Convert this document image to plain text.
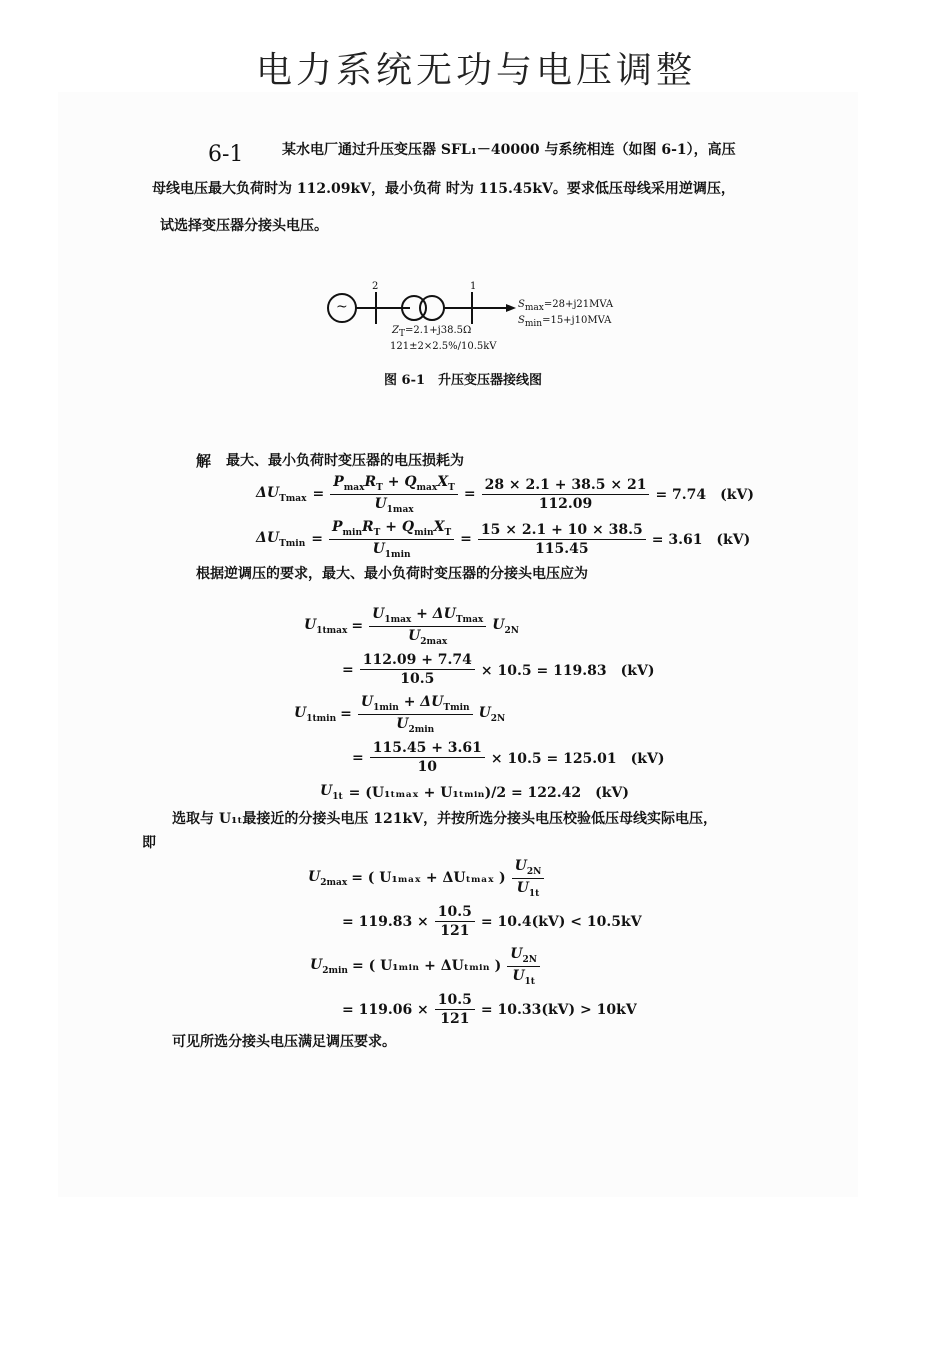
电力系统无功与电压调整
6-1	某水电厂通过升压变压器 SFL₁－40000 与系统相连（如图 6-1），高压
母线电压最大负荷时为 112.09kV，最小负荷 时为 115.45kV。要求低压母线采用逆调压，
试选择变压器分接头电压。
~
2	1
$S_{max}=28+j21MVA$
$S_{min}=15+j10MVA$
$Z_T=2.1+j38.5\Omega$
121±2×2.5%/10.5kV
图 6-1　升压变压器接线图
解 最大、最小负荷时变压器的电压损耗为
$\Delta U_{Tmax} = \frac{P_{max}R_T + Q_{max}X_T}{U_{1max}} = \frac{28 \times 2.1 + 38.5 \times 21}{112.09} = 7.74$　(kV)
$\Delta U_{Tmin} = \frac{P_{min}R_T + Q_{min}X_T}{U_{1min}} = \frac{15 \times 2.1 + 10 \times 38.5}{115.45} = 3.61$　(kV)
根据逆调压的要求，最大、最小负荷时变压器的分接头电压应为
$U_{1tmax} = \frac{U_{1max} + \Delta U_{Tmax}}{U_{2max}} U_{2N}$
= $\frac{112.09 + 7.74}{10.5} \times 10.5 = 119.83$　(kV)
$U_{1tmin} = \frac{U_{1min} + \Delta U_{Tmin}}{U_{2min}} U_{2N}$
= $\frac{115.45 + 3.61}{10} \times 10.5 = 125.01$　(kV)
$U_{1t} = (U_{1tmax}$ + U₁ₜₘᵢₙ)/2 = 122.42　(kV)
选取与 U₁ₜ最接近的分接头电压 121kV，并按所选分接头电压校验低压母线实际电压，
即
$U_{2max}$ = ( U₁ₘₐₓ + ΔUₜₘₐₓ ) $\frac{U_{2N}}{U_{1t}}$
= $119.83 \times \frac{10.5}{121} = 10.4(kV) < 10.5kV$
$U_{2min}$ = ( U₁ₘᵢₙ + ΔUₜₘᵢₙ ) $\frac{U_{2N}}{U_{1t}}$
= $119.06 \times \frac{10.5}{121} = 10.33(kV) > 10kV$
可见所选分接头电压满足调压要求。
